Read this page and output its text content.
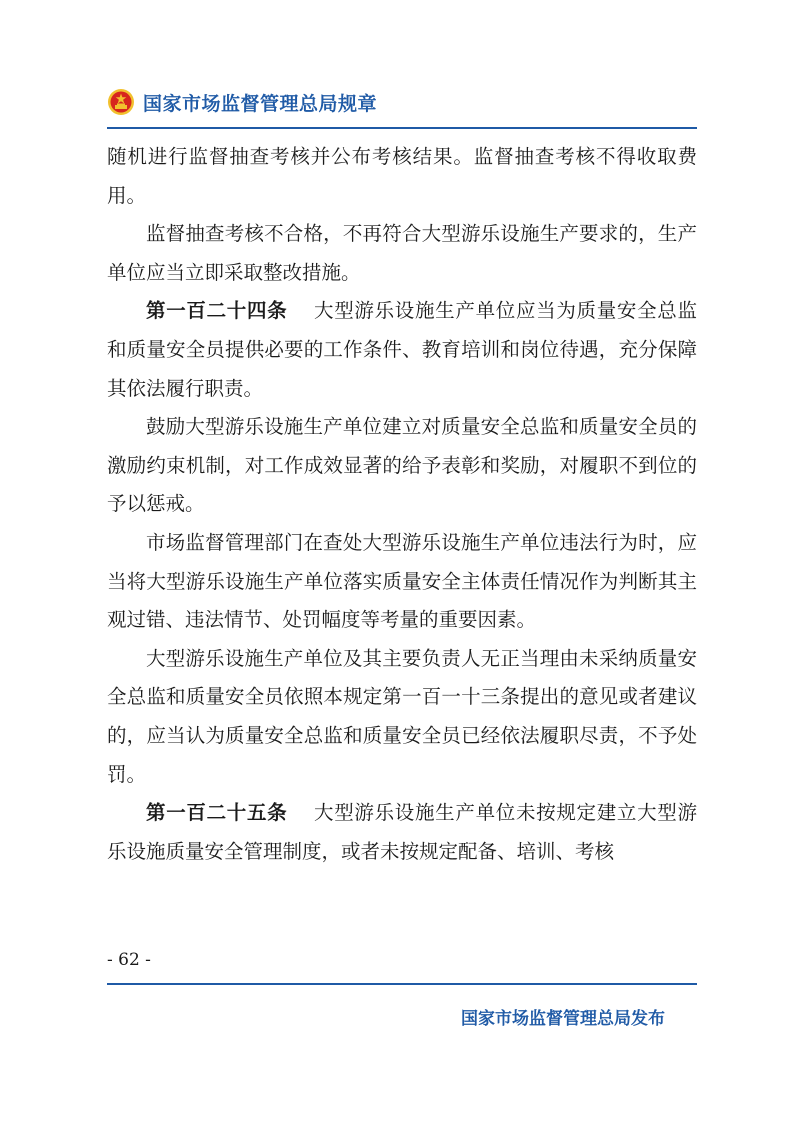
国家市场监督管理总局规章

随机进行监督抽查考核并公布考核结果。监督抽查考核不得收取费用。

监督抽查考核不合格，不再符合大型游乐设施生产要求的，生产单位应当立即采取整改措施。

第一百二十四条 大型游乐设施生产单位应当为质量安全总监和质量安全员提供必要的工作条件、教育培训和岗位待遇，充分保障其依法履行职责。

鼓励大型游乐设施生产单位建立对质量安全总监和质量安全员的激励约束机制，对工作成效显著的给予表彰和奖励，对履职不到位的予以惩戒。

市场监督管理部门在查处大型游乐设施生产单位违法行为时，应当将大型游乐设施生产单位落实质量安全主体责任情况作为判断其主观过错、违法情节、处罚幅度等考量的重要因素。

大型游乐设施生产单位及其主要负责人无正当理由未采纳质量安全总监和质量安全员依照本规定第一百一十三条提出的意见或者建议的，应当认为质量安全总监和质量安全员已经依法履职尽责，不予处罚。

第一百二十五条 大型游乐设施生产单位未按规定建立大型游乐设施质量安全管理制度，或者未按规定配备、培训、考核

- 62 -
国家市场监督管理总局发布
